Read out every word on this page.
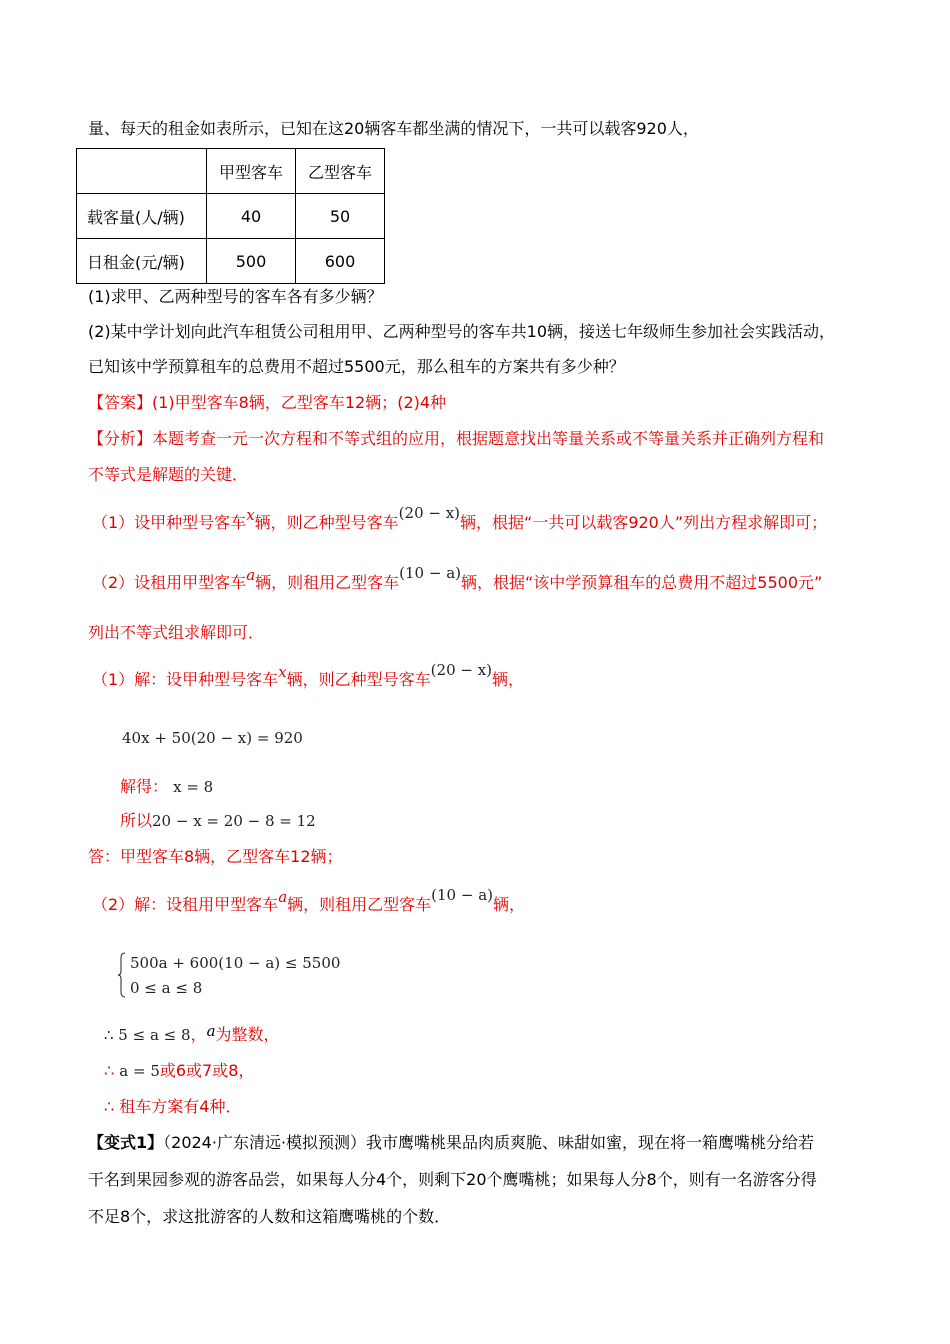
量、每天的租金如表所示，已知在这20辆客车都坐满的情况下，一共可以载客920人，
	甲型客车	乙型客车
载客量(人/辆)	40	50
日租金(元/辆)	500	600
(1)求甲、乙两种型号的客车各有多少辆？
(2)某中学计划向此汽车租赁公司租用甲、乙两种型号的客车共10辆，接送七年级师生参加社会实践活动，
已知该中学预算租车的总费用不超过5500元，那么租车的方案共有多少种？
【答案】(1)甲型客车8辆，乙型客车12辆；(2)4种
【分析】本题考查一元一次方程和不等式组的应用，根据题意找出等量关系或不等量关系并正确列方程和
不等式是解题的关键．
（1）设甲种型号客车x辆，则乙种型号客车(20 − x)辆，根据“一共可以载客920人”列出方程求解即可；
（2）设租用甲型客车a辆，则租用乙型客车(10 − a)辆，根据“该中学预算租车的总费用不超过5500元”
列出不等式组求解即可．
（1）解：设甲种型号客车x辆，则乙种型号客车(20 − x)辆，
40x + 50(20 − x) = 920
解得： x = 8
所以20 − x = 20 − 8 = 12
答：甲型客车8辆，乙型客车12辆；
（2）解：设租用甲型客车a辆，则租用乙型客车(10 − a)辆，
500a + 600(10 − a) ≤ 5500
0 ≤ a ≤ 8
∴ 5 ≤ a ≤ 8，a为整数，
∴ a = 5或6或7或8，
∴ 租车方案有4种．
【变式1】（2024·广东清远·模拟预测）我市鹰嘴桃果品肉质爽脆、味甜如蜜，现在将一箱鹰嘴桃分给若
干名到果园参观的游客品尝，如果每人分4个，则剩下20个鹰嘴桃；如果每人分8个，则有一名游客分得
不足8个，求这批游客的人数和这箱鹰嘴桃的个数．
